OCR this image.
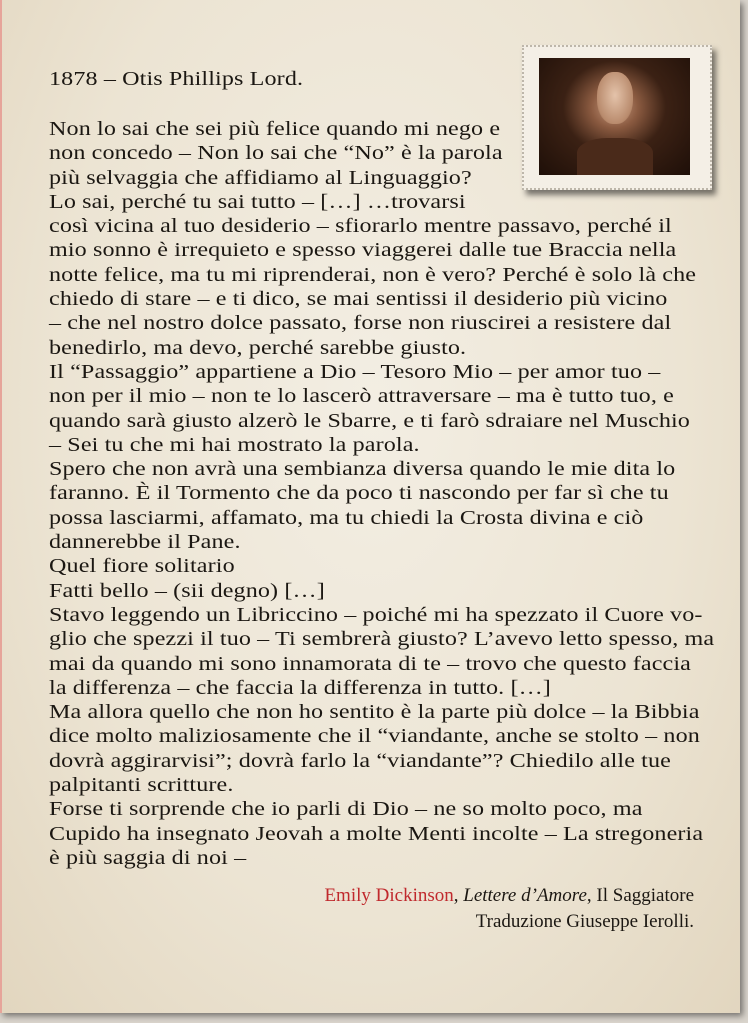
1878 – Otis Phillips Lord.
Non lo sai che sei più felice quando mi nego e
non concedo – Non lo sai che “No” è la parola
più selvaggia che affidiamo al Linguaggio?
Lo sai, perché tu sai tutto – […] …trovarsi
così vicina al tuo desiderio – sfiorarlo mentre passavo, perché il
mio sonno è irrequieto e spesso viaggerei dalle tue Braccia nella
notte felice, ma tu mi riprenderai, non è vero? Perché è solo là che
chiedo di stare – e ti dico, se mai sentissi il desiderio più vicino
– che nel nostro dolce passato, forse non riuscirei a resistere dal
benedirlo, ma devo, perché sarebbe giusto.
Il “Passaggio” appartiene a Dio – Tesoro Mio – per amor tuo –
non per il mio – non te lo lascerò attraversare – ma è tutto tuo, e
quando sarà giusto alzerò le Sbarre, e ti farò sdraiare nel Muschio
– Sei tu che mi hai mostrato la parola.
Spero che non avrà una sembianza diversa quando le mie dita lo
faranno. È il Tormento che da poco ti nascondo per far sì che tu
possa lasciarmi, affamato, ma tu chiedi la Crosta divina e ciò
dannerebbe il Pane.
Quel fiore solitario
Fatti bello – (sii degno) […]
Stavo leggendo un Libriccino – poiché mi ha spezzato il Cuore vo-
glio che spezzi il tuo – Ti sembrerà giusto? L’avevo letto spesso, ma
mai da quando mi sono innamorata di te – trovo che questo faccia
la differenza – che faccia la differenza in tutto. […]
Ma allora quello che non ho sentito è la parte più dolce – la Bibbia
dice molto maliziosamente che il “viandante, anche se stolto – non
dovrà aggirarvisi”; dovrà farlo la “viandante”? Chiedilo alle tue
palpitanti scritture.
Forse ti sorprende che io parli di Dio – ne so molto poco, ma
Cupido ha insegnato Jeovah a molte Menti incolte – La stregoneria
è più saggia di noi –
Emily Dickinson, Lettere d’Amore, Il Saggiatore
Traduzione Giuseppe Ierolli.
